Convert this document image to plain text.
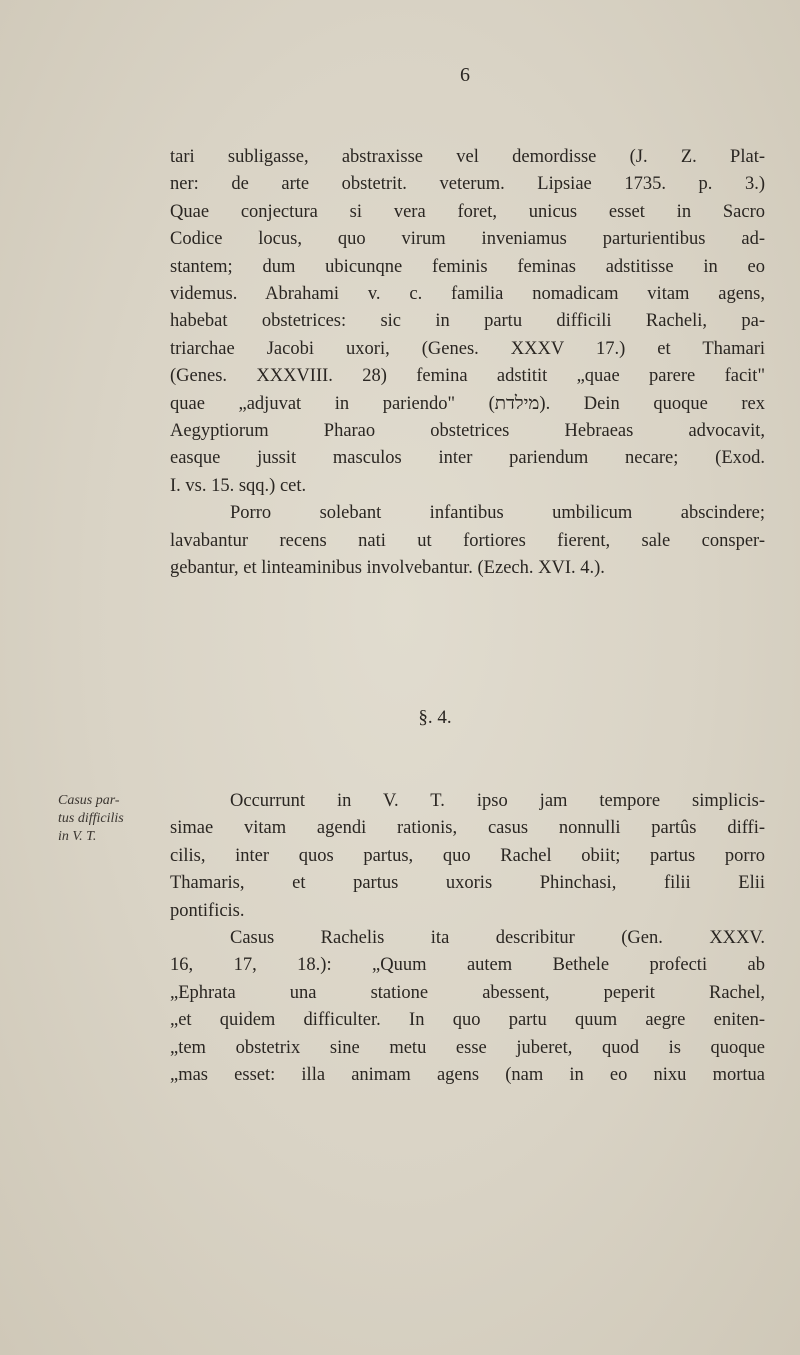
6
tari subligasse, abstraxisse vel demordisse (J. Z. Plat-
ner: de arte obstetrit. veterum. Lipsiae 1735. p. 3.)
Quae conjectura si vera foret, unicus esset in Sacro
Codice locus, quo virum inveniamus parturientibus ad-
stantem; dum ubicunqne feminis feminas adstitisse in eo
videmus. Abrahami v. c. familia nomadicam vitam agens,
habebat obstetrices: sic in partu difficili Racheli, pa-
triarchae Jacobi uxori, (Genes. XXXV 17.) et Thamari
(Genes. XXXVIII. 28) femina adstitit „quae parere facit"
quae „adjuvat in pariendo" (מילדת). Dein quoque rex
Aegyptiorum Pharao obstetrices Hebraeas advocavit,
easque jussit masculos inter pariendum necare; (Exod.
I. vs. 15. sqq.) cet.
Porro solebant infantibus umbilicum abscindere;
lavabantur recens nati ut fortiores fierent, sale consper-
gebantur, et linteaminibus involvebantur. (Ezech. XVI. 4.).
§. 4.
Casus par-
tus difficilis
in V. T.
Occurrunt in V. T. ipso jam tempore simplicis-
simae vitam agendi rationis, casus nonnulli partûs diffi-
cilis, inter quos partus, quo Rachel obiit; partus porro
Thamaris, et partus uxoris Phinchasi, filii Elii
pontificis.
Casus Rachelis ita describitur (Gen. XXXV.
16, 17, 18.): „Quum autem Bethele profecti ab
„Ephrata una statione abessent, peperit Rachel,
„et quidem difficulter. In quo partu quum aegre eniten-
„tem obstetrix sine metu esse juberet, quod is quoque
„mas esset: illa animam agens (nam in eo nixu mortua
